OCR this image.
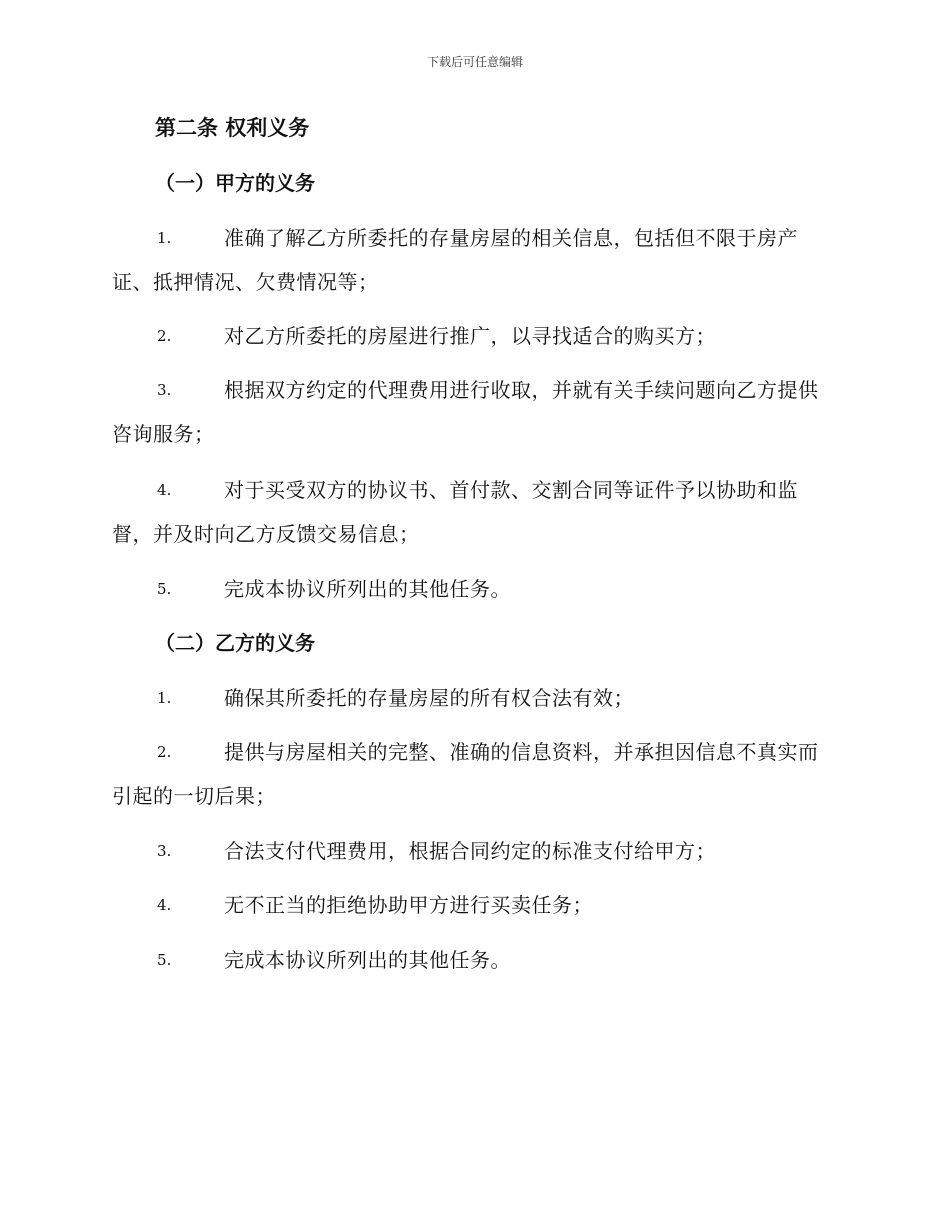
下载后可任意编辑
第二条 权利义务
（一）甲方的义务
1.	准确了解乙方所委托的存量房屋的相关信息，包括但不限于房产证、抵押情况、欠费情况等；
2.	对乙方所委托的房屋进行推广，以寻找适合的购买方；
3.	根据双方约定的代理费用进行收取，并就有关手续问题向乙方提供咨询服务；
4.	对于买受双方的协议书、首付款、交割合同等证件予以协助和监督，并及时向乙方反馈交易信息；
5.	完成本协议所列出的其他任务。
（二）乙方的义务
1.	确保其所委托的存量房屋的所有权合法有效；
2.	提供与房屋相关的完整、准确的信息资料，并承担因信息不真实而引起的一切后果；
3.	合法支付代理费用，根据合同约定的标准支付给甲方；
4.	无不正当的拒绝协助甲方进行买卖任务；
5.	完成本协议所列出的其他任务。
